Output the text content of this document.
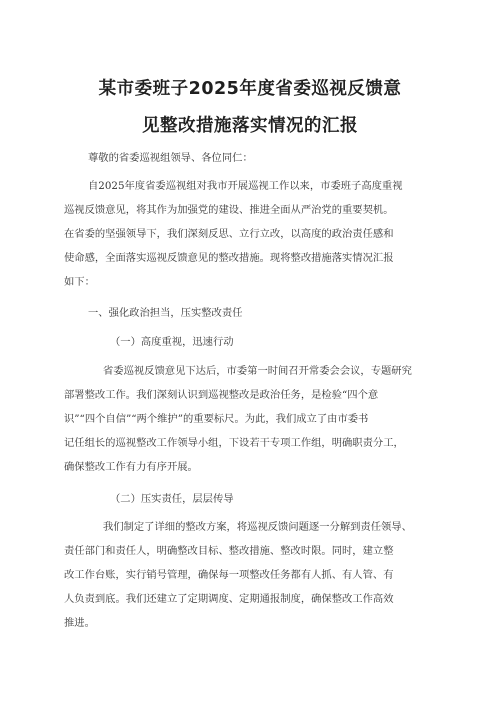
某市委班子2025年度省委巡视反馈意
见整改措施落实情况的汇报
尊敬的省委巡视组领导、各位同仁：
自2025年度省委巡视组对我市开展巡视工作以来，市委班子高度重视
巡视反馈意见，将其作为加强党的建设、推进全面从严治党的重要契机。
在省委的坚强领导下，我们深刻反思、立行立改，以高度的政治责任感和
使命感，全面落实巡视反馈意见的整改措施。现将整改措施落实情况汇报
如下：
一、强化政治担当，压实整改责任
（一）高度重视，迅速行动
省委巡视反馈意见下达后，市委第一时间召开常委会会议，专题研究
部署整改工作。我们深刻认识到巡视整改是政治任务，是检验“四个意
识”“四个自信”“两个维护”的重要标尺。为此，我们成立了由市委书
记任组长的巡视整改工作领导小组，下设若干专项工作组，明确职责分工，
确保整改工作有力有序开展。
（二）压实责任，层层传导
我们制定了详细的整改方案，将巡视反馈问题逐一分解到责任领导、
责任部门和责任人，明确整改目标、整改措施、整改时限。同时，建立整
改工作台账，实行销号管理，确保每一项整改任务都有人抓、有人管、有
人负责到底。我们还建立了定期调度、定期通报制度，确保整改工作高效
推进。
